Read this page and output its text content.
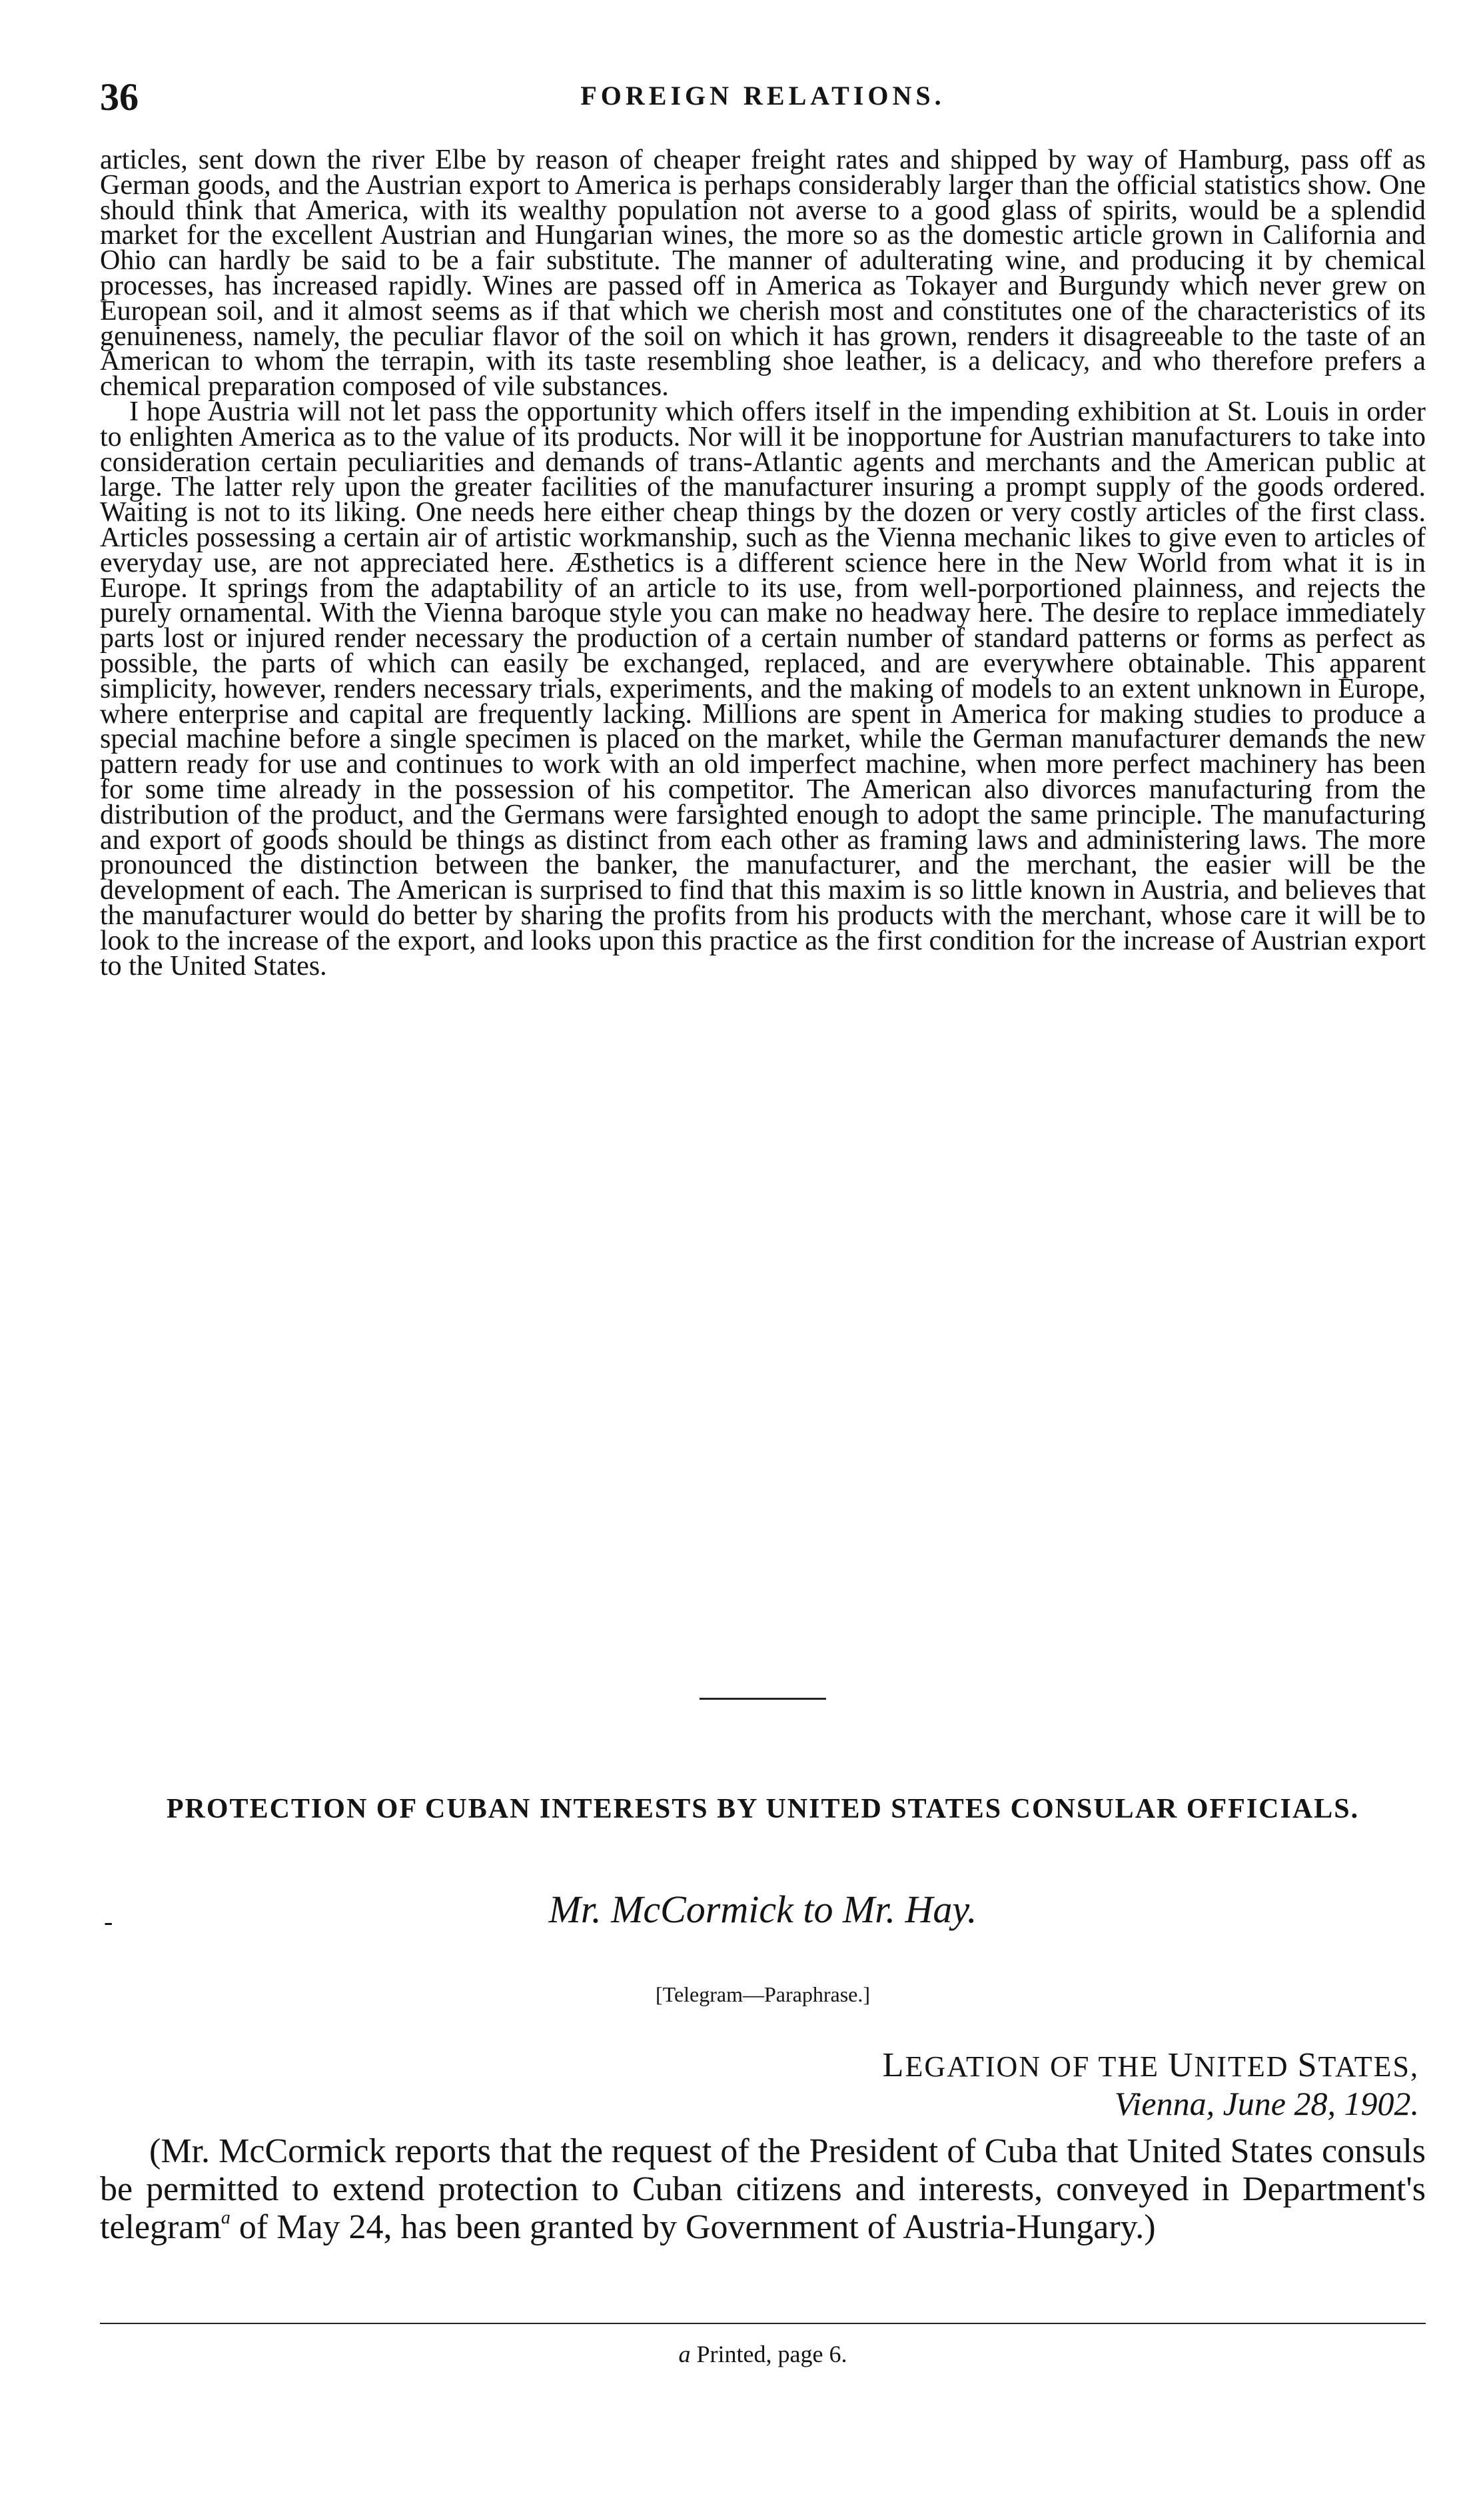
36	FOREIGN RELATIONS.

articles, sent down the river Elbe by reason of cheaper freight rates and shipped by way of Hamburg, pass off as German goods, and the Austrian export to America is perhaps considerably larger than the official statistics show. One should think that America, with its wealthy population not averse to a good glass of spirits, would be a splendid market for the excellent Austrian and Hungarian wines, the more so as the domestic article grown in California and Ohio can hardly be said to be a fair substitute. The manner of adulterating wine, and producing it by chemical processes, has increased rapidly. Wines are passed off in America as Tokayer and Burgundy which never grew on European soil, and it almost seems as if that which we cherish most and constitutes one of the characteristics of its genuineness, namely, the peculiar flavor of the soil on which it has grown, renders it disagreeable to the taste of an American to whom the terrapin, with its taste resembling shoe leather, is a delicacy, and who therefore prefers a chemical preparation composed of vile substances.

I hope Austria will not let pass the opportunity which offers itself in the impending exhibition at St. Louis in order to enlighten America as to the value of its products. Nor will it be inopportune for Austrian manufacturers to take into consideration certain peculiarities and demands of trans-Atlantic agents and merchants and the American public at large. The latter rely upon the greater facilities of the manufacturer insuring a prompt supply of the goods ordered. Waiting is not to its liking. One needs here either cheap things by the dozen or very costly articles of the first class. Articles possessing a certain air of artistic workmanship, such as the Vienna mechanic likes to give even to articles of everyday use, are not appreciated here. Æsthetics is a different science here in the New World from what it is in Europe. It springs from the adaptability of an article to its use, from well-porportioned plainness, and rejects the purely ornamental. With the Vienna baroque style you can make no headway here. The desire to replace immediately parts lost or injured render necessary the production of a certain number of standard patterns or forms as perfect as possible, the parts of which can easily be exchanged, replaced, and are everywhere obtainable. This apparent simplicity, however, renders necessary trials, experiments, and the making of models to an extent unknown in Europe, where enterprise and capital are frequently lacking. Millions are spent in America for making studies to produce a special machine before a single specimen is placed on the market, while the German manufacturer demands the new pattern ready for use and continues to work with an old imperfect machine, when more perfect machinery has been for some time already in the possession of his competitor. The American also divorces manufacturing from the distribution of the product, and the Germans were farsighted enough to adopt the same principle. The manufacturing and export of goods should be things as distinct from each other as framing laws and administering laws. The more pronounced the distinction between the banker, the manufacturer, and the merchant, the easier will be the development of each. The American is surprised to find that this maxim is so little known in Austria, and believes that the manufacturer would do better by sharing the profits from his products with the merchant, whose care it will be to look to the increase of the export, and looks upon this practice as the first condition for the increase of Austrian export to the United States.

PROTECTION OF CUBAN INTERESTS BY UNITED STATES CONSULAR OFFICIALS.
-	Mr. McCormick to Mr. Hay.
[Telegram—Paraphrase.]
LEGATION OF THE UNITED STATES,
Vienna, June 28, 1902.
(Mr. McCormick reports that the request of the President of Cuba that United States consuls be permitted to extend protection to Cuban citizens and interests, conveyed in Department's telegram$^a$ of May 24, has been granted by Government of Austria-Hungary.)
a Printed, page 6.
